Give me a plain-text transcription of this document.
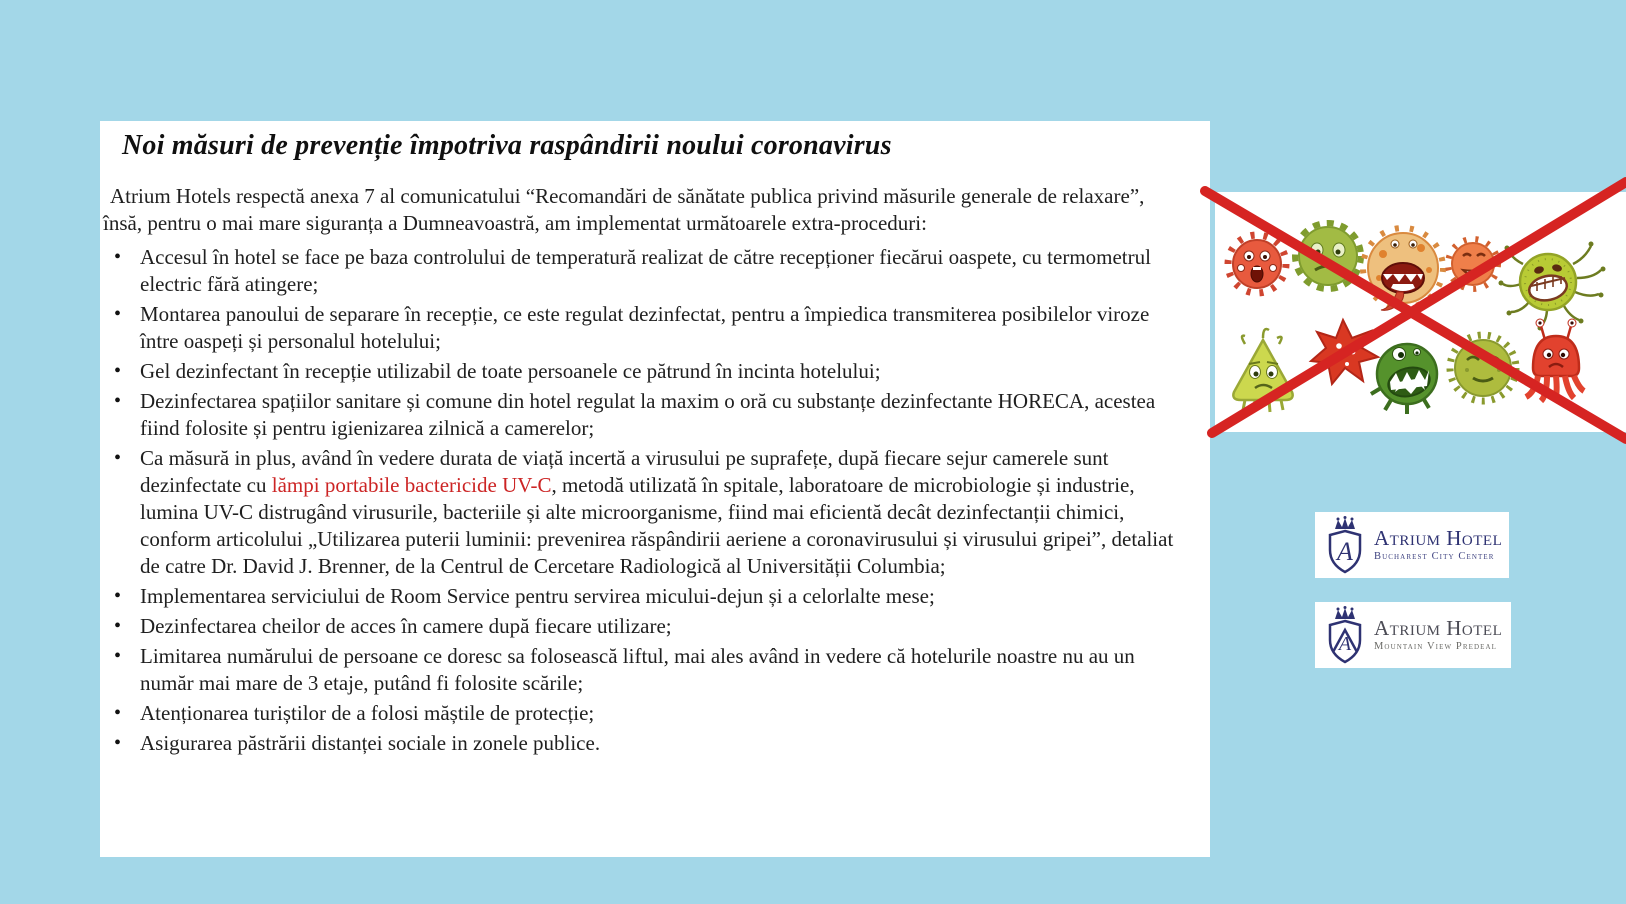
Noi măsuri de prevenție împotriva raspândirii noului coronavirus

Atrium Hotels respectă anexa 7 al comunicatului “Recomandări de sănătate publica privind măsurile generale de relaxare”, însă, pentru o mai mare siguranța a Dumneavoastră, am implementat următoarele extra-proceduri:

• Accesul în hotel se face pe baza controlului de temperatură realizat de către recepționer fiecărui oaspete, cu termometrul electric fără atingere;
• Montarea panoului de separare în recepție, ce este regulat dezinfectat, pentru a împiedica transmiterea posibilelor viroze între oaspeți și personalul hotelului;
• Gel dezinfectant în recepție utilizabil de toate persoanele ce pătrund în incinta hotelului;
• Dezinfectarea spațiilor sanitare și comune din hotel regulat la maxim o oră cu substanțe dezinfectante HORECA, acestea fiind folosite și pentru igienizarea zilnică a camerelor;
• Ca măsură in plus, având în vedere durata de viață incertă a virusului pe suprafețe, după fiecare sejur camerele sunt dezinfectate cu lămpi portabile bactericide UV-C, metodă utilizată în spitale, laboratoare de microbiologie și industrie, lumina UV-C distrugând virusurile, bacteriile și alte microorganisme, fiind mai eficientă decât dezinfectanții chimici, conform articolului „Utilizarea puterii luminii: prevenirea răspândirii aeriene a coronavirusului și virusului gripei”, detaliat de catre Dr. David J. Brenner, de la Centrul de Cercetare Radiologică al Universității Columbia;
• Implementarea serviciului de Room Service pentru servirea micului-dejun și a celorlalte mese;
• Dezinfectarea cheilor de acces în camere după fiecare utilizare;
• Limitarea numărului de persoane ce doresc sa folosească liftul, mai ales având in vedere că hotelurile noastre nu au un număr mai mare de 3 etaje, putând fi folosite scările;
• Atenționarea turiștilor de a folosi măștile de protecție;
• Asigurarea păstrării distanței sociale in zonele publice.
A Atrium Hotel
Bucharest City Center
A
Atrium Hotel
Mountain View Predeal
